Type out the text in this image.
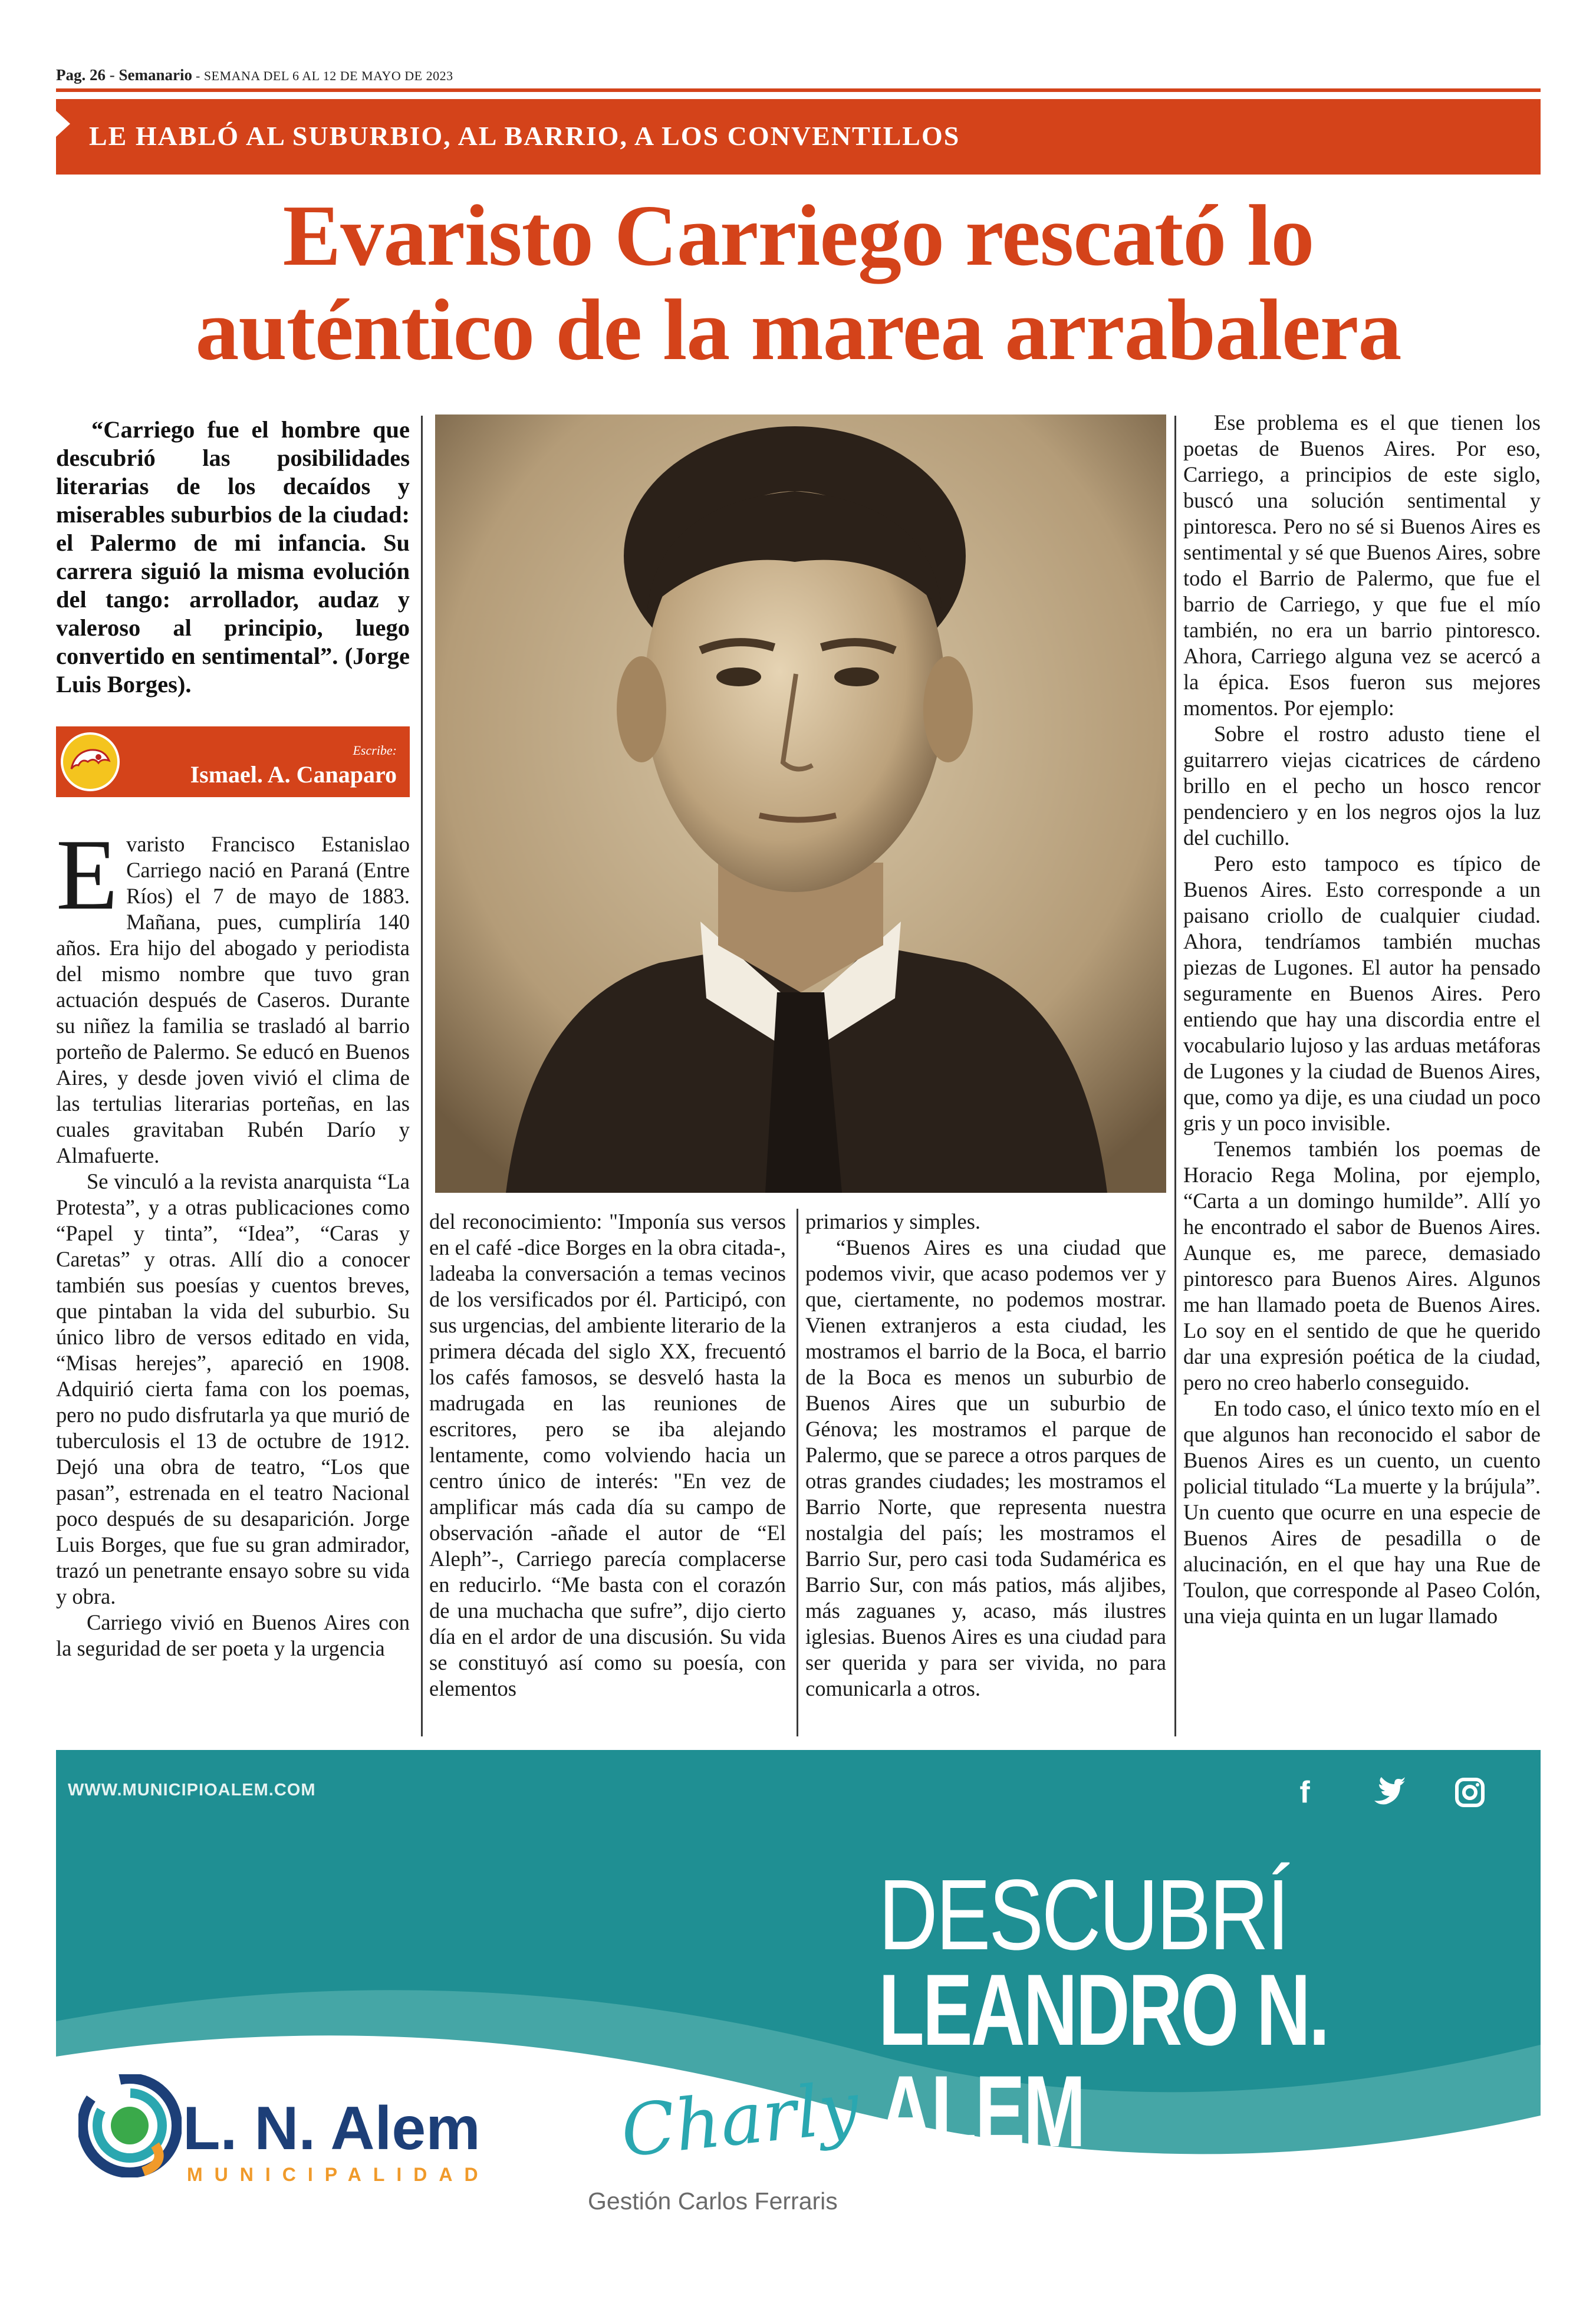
Pag. 26 - Semanario - SEMANA DEL 6 AL 12 DE MAYO DE 2023
LE HABLÓ AL SUBURBIO, AL BARRIO, A LOS CONVENTILLOS
Evaristo Carriego rescató lo
auténtico de la marea arrabalera
“Carriego fue el hombre que descubrió las posibilidades literarias de los decaídos y miserables suburbios de la ciudad: el Palermo de mi infancia. Su carrera siguió la misma evolución del tango: arrollador, audaz y valeroso al principio, luego convertido en sentimental”. (Jorge Luis Borges).
Escribe:
Ismael. A. Canaparo

Evaristo Francisco Estanislao Carriego nació en Paraná (Entre Ríos) el 7 de mayo de 1883. Mañana, pues, cumpliría 140 años. Era hijo del abogado y periodista del mismo nombre que tuvo gran actuación después de Caseros. Durante su niñez la familia se trasladó al barrio porteño de Palermo. Se educó en Buenos Aires, y desde joven vivió el clima de las tertulias literarias porteñas, en las cuales gravitaban Rubén Darío y Almafuerte.

Se vinculó a la revista anarquista “La Protesta”, y a otras publicaciones como “Papel y tinta”, “Idea”, “Caras y Caretas” y otras. Allí dio a conocer también sus poesías y cuentos breves, que pintaban la vida del suburbio. Su único libro de versos editado en vida, “Misas herejes”, apareció en 1908. Adquirió cierta fama con los poemas, pero no pudo disfrutarla ya que murió de tuberculosis el 13 de octubre de 1912. Dejó una obra de teatro, “Los que pasan”, estrenada en el teatro Nacional poco después de su desaparición. Jorge Luis Borges, que fue su gran admirador, trazó un penetrante ensayo sobre su vida y obra.

Carriego vivió en Buenos Aires con la seguridad de ser poeta y la urgencia

del reconocimiento: "Imponía sus versos en el café -dice Borges en la obra citada-, ladeaba la conversación a temas vecinos de los versificados por él. Participó, con sus urgencias, del ambiente literario de la primera década del siglo XX, frecuentó los cafés famosos, se desveló hasta la madrugada en las reuniones de escritores, pero se iba alejando lentamente, como volviendo hacia un centro único de interés: "En vez de amplificar más cada día su campo de observación -añade el autor de “El Aleph”-, Carriego parecía complacerse en reducirlo. “Me basta con el corazón de una muchacha que sufre”, dijo cierto día en el ardor de una discusión. Su vida se constituyó así como su poesía, con elementos

primarios y simples.

“Buenos Aires es una ciudad que podemos vivir, que acaso podemos ver y que, ciertamente, no podemos mostrar. Vienen extranjeros a esta ciudad, les mostramos el barrio de la Boca, el barrio de la Boca es menos un suburbio de Buenos Aires que un suburbio de Génova; les mostramos el parque de Palermo, que se parece a otros parques de otras grandes ciudades; les mostramos el Barrio Norte, que representa nuestra nostalgia del país; les mostramos el Barrio Sur, pero casi toda Sudamérica es Barrio Sur, con más patios, más aljibes, más zaguanes y, acaso, más ilustres iglesias. Buenos Aires es una ciudad para ser querida y para ser vivida, no para comunicarla a otros.

Ese problema es el que tienen los poetas de Buenos Aires. Por eso, Carriego, a principios de este siglo, buscó una solución sentimental y pintoresca. Pero no sé si Buenos Aires es sentimental y sé que Buenos Aires, sobre todo el Barrio de Palermo, que fue el barrio de Carriego, y que fue el mío también, no era un barrio pintoresco. Ahora, Carriego alguna vez se acercó a la épica. Esos fueron sus mejores momentos. Por ejemplo:

Sobre el rostro adusto tiene el guitarrero viejas cicatrices de cárdeno brillo en el pecho un hosco rencor pendenciero y en los negros ojos la luz del cuchillo.

Pero esto tampoco es típico de Buenos Aires. Esto corresponde a un paisano criollo de cualquier ciudad. Ahora, tendríamos también muchas piezas de Lugones. El autor ha pensado seguramente en Buenos Aires. Pero entiendo que hay una discordia entre el vocabulario lujoso y las arduas metáforas de Lugones y la ciudad de Buenos Aires, que, como ya dije, es una ciudad un poco gris y un poco invisible.

Tenemos también los poemas de Horacio Rega Molina, por ejemplo, “Carta a un domingo humilde”. Allí yo he encontrado el sabor de Buenos Aires. Aunque es, me parece, demasiado pintoresco para Buenos Aires. Algunos me han llamado poeta de Buenos Aires. Lo soy en el sentido de que he querido dar una expresión poética de la ciudad, pero no creo haberlo conseguido.

En todo caso, el único texto mío en el que algunos han reconocido el sabor de Buenos Aires es un cuento, un cuento policial titulado “La muerte y la brújula”. Un cuento que ocurre en una especie de Buenos Aires de pesadilla o de alucinación, en el que hay una Rue de Toulon, que corresponde al Paseo Colón, una vieja quinta en un lugar llamado

WWW.MUNICIPIOALEM.COM	f
DESCUBRÍ
LEANDRO N. ALEM
L. N. Alem
MUNICIPALIDAD
Charly
Gestión Carlos Ferraris
